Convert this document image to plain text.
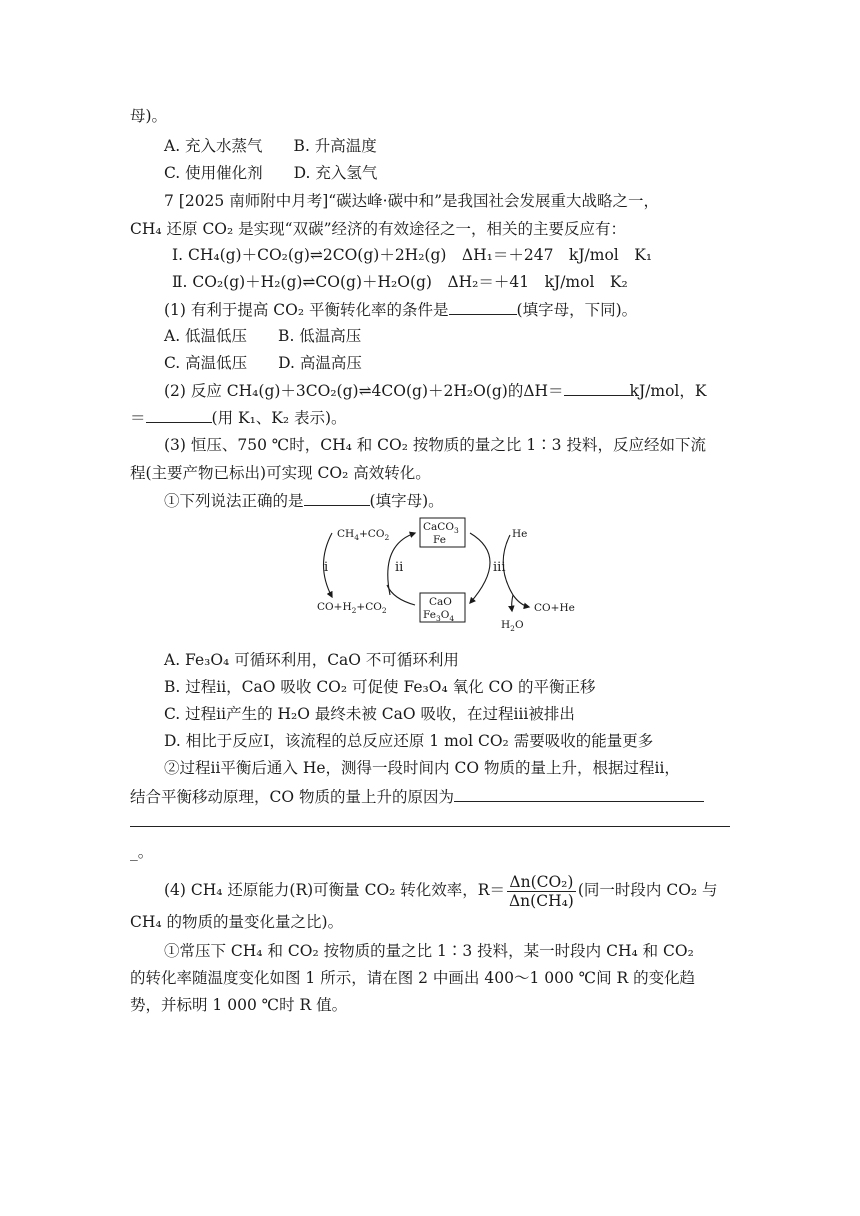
母)。
A. 充入水蒸气　　B. 升高温度
C. 使用催化剂　　D. 充入氢气
7 [2025 南师附中月考]“碳达峰·碳中和”是我国社会发展重大战略之一，
CH₄ 还原 CO₂ 是实现“双碳”经济的有效途径之一，相关的主要反应有：
Ⅰ. CH₄(g)＋CO₂(g)⇌2CO(g)＋2H₂(g)　ΔH₁＝＋247　kJ/mol　K₁
Ⅱ. CO₂(g)＋H₂(g)⇌CO(g)＋H₂O(g)　ΔH₂＝＋41　kJ/mol　K₂
(1) 有利于提高 CO₂ 平衡转化率的条件是	(填字母，下同)。
A. 低温低压　　B. 低温高压
C. 高温低压　　D. 高温高压
(2) 反应 CH₄(g)＋3CO₂(g)⇌4CO(g)＋2H₂O(g)的ΔH＝	kJ/mol，K
＝	(用 K₁、K₂ 表示)。
(3) 恒压、750 ℃时，CH₄ 和 CO₂ 按物质的量之比 1∶3 投料，反应经如下流
程(主要产物已标出)可实现 CO₂ 高效转化。
①下列说法正确的是	(填字母)。
$CH_4+CO_2$
$CO+H_2+CO_2$
i
CaCO$_3$
Fe
CaO
$Fe_3O_4$
ii	iii
He
CO+He
$H_2O$
A. Fe₃O₄ 可循环利用，CaO 不可循环利用
B. 过程ⅱ，CaO 吸收 CO₂ 可促使 Fe₃O₄ 氧化 CO 的平衡正移
C. 过程ⅱ产生的 H₂O 最终未被 CaO 吸收，在过程ⅲ被排出
D. 相比于反应Ⅰ，该流程的总反应还原 1 mol CO₂ 需要吸收的能量更多
②过程ⅱ平衡后通入 He，测得一段时间内 CO 物质的量上升，根据过程ⅱ，
结合平衡移动原理，CO 物质的量上升的原因为
_。
(4) CH₄ 还原能力(R)可衡量 CO₂ 转化效率，$R= \frac{\text{Δn(CO₂)}}{\text{Δn(CH₄)}}$ (同一时段内 CO₂ 与
CH₄ 的物质的量变化量之比)。
①常压下 CH₄ 和 CO₂ 按物质的量之比 1∶3 投料，某一时段内 CH₄ 和 CO₂
的转化率随温度变化如图 1 所示，请在图 2 中画出 400～1 000 ℃间 R 的变化趋
势，并标明 1 000 ℃时 R 值。
